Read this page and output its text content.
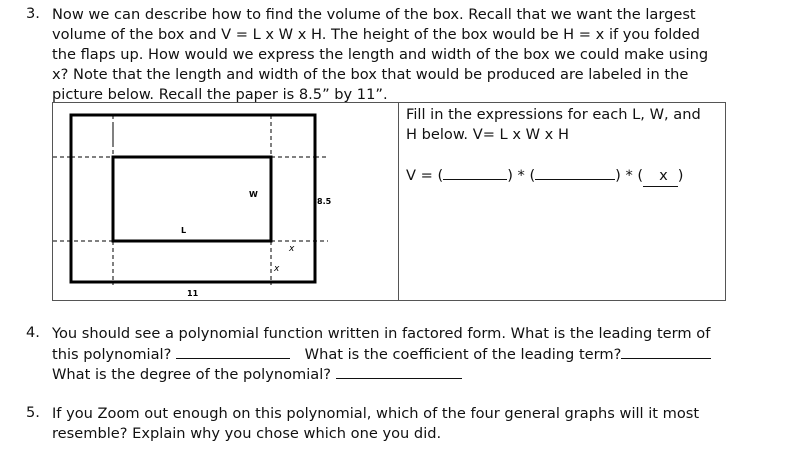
3. Now we can describe how to find the volume of the box. Recall that we want the largest
volume of the box and V = L x W x H. The height of the box would be H = x if you folded
the flaps up. How would we express the length and width of the box we could make using
x? Note that the length and width of the box that would be produced are labeled in the
picture below. Recall the paper is 8.5” by 11”.
W
L
11
8.5
x
x
Fill in the expressions for each L, W, and
H below. V= L x W x H
V = (	) * (	) * ( x )
4. You should see a polynomial function written in factored form. What is the leading term of
this polynomial?	What is the coefficient of the leading term?
What is the degree of the polynomial?
5. If you Zoom out enough on this polynomial, which of the four general graphs will it most
resemble? Explain why you chose which one you did.
